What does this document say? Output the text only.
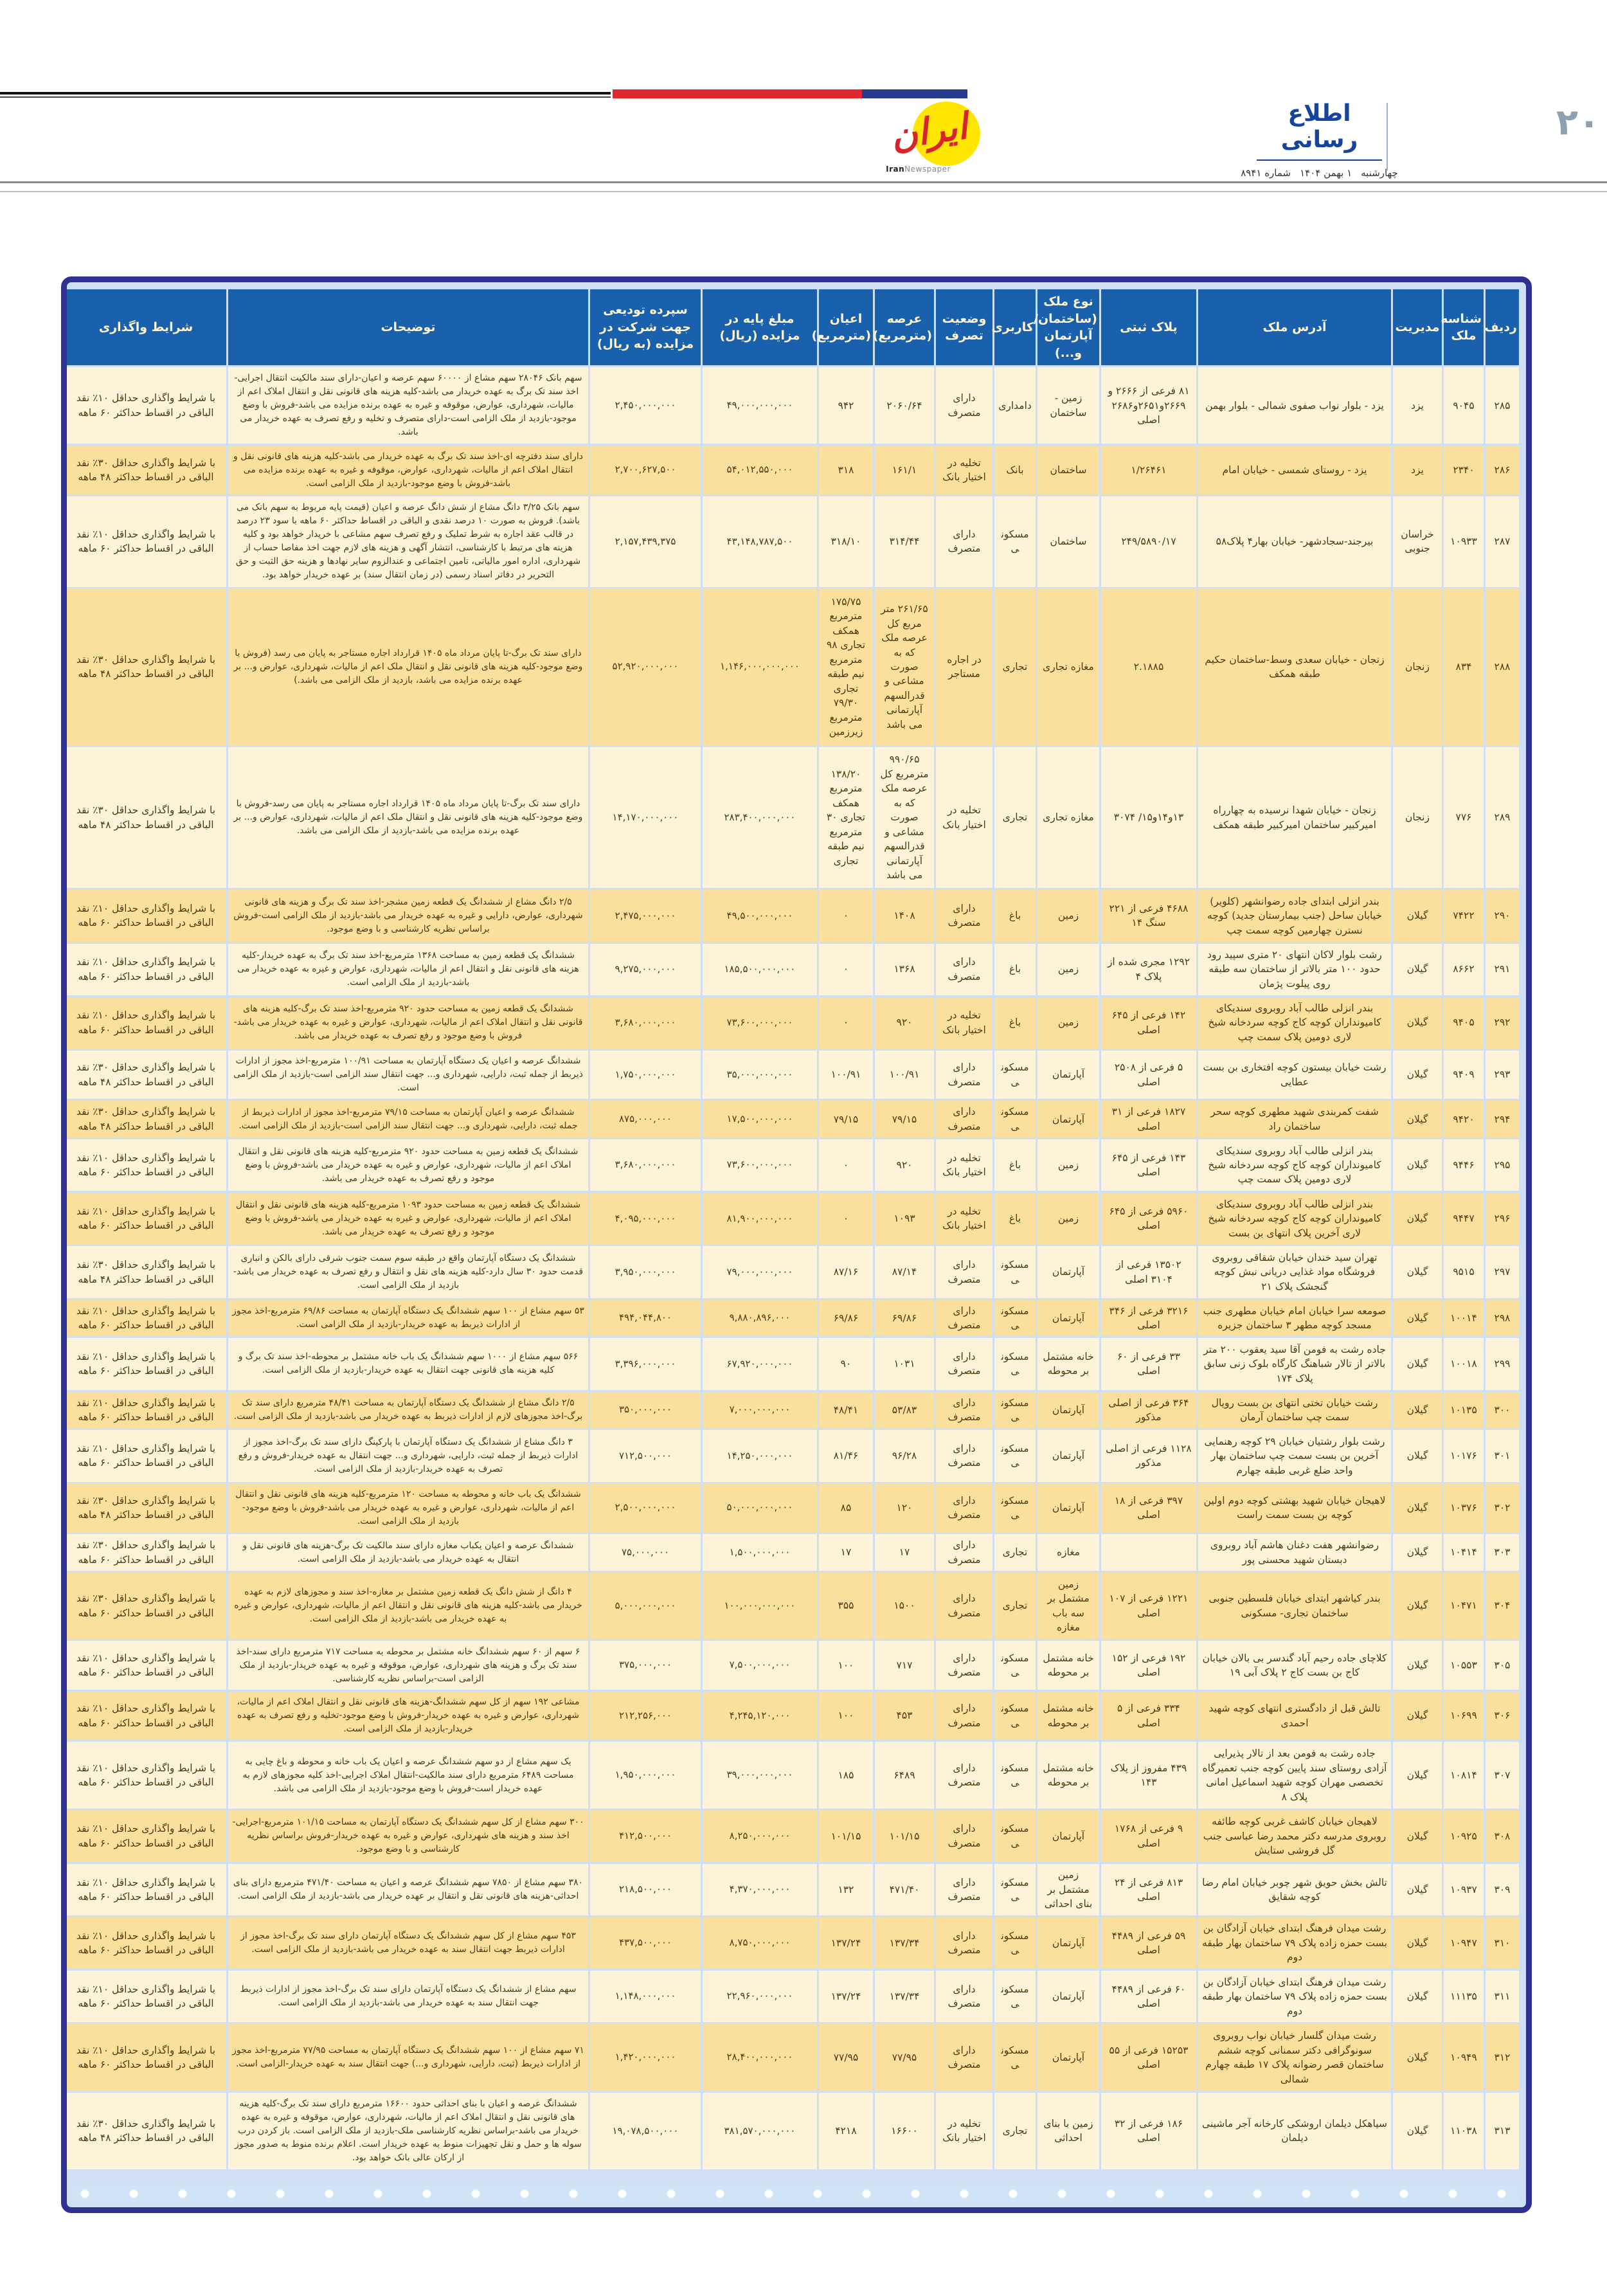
۲۰
اطلاع رسانی
چهارشنبه
۱ بهمن ۱۴۰۴
شماره ۸۹۴۱
ایران
IranNewspaper
ردیف	شناسه ملک	مدیریت	آدرس ملک	پلاک ثبتی	نوع ملک (ساختمان/ آپارتمان و...)	کاربری	وضعیت تصرف	عرصه (مترمربع)	اعیان (مترمربع)	مبلغ پایه در مزایده (ریال)	سپرده تودیعی جهت شرکت در مزایده (به ریال)	توضیحات	شرایط واگذاری
۲۸۵	۹۰۴۵	یزد	یزد - بلوار نواب صفوی شمالی - بلوار بهمن	۸۱ فرعی از ۲۶۶۶ و ۲۶۶۹و۲۶۵۱و۲۶۸۶ اصلی	زمین - ساختمان	دامداری	دارای متصرف	۲۰۶۰/۶۴	۹۴۲	۴۹,۰۰۰,۰۰۰,۰۰۰	۲,۴۵۰,۰۰۰,۰۰۰	سهم بانک ۲۸۰۴۶ سهم مشاع از ۶۰۰۰۰ سهم عرصه و اعیان-دارای سند مالکیت انتقال اجرایی-اخذ سند تک برگ به عهده خریدار می باشد-کلیه هزینه های قانونی نقل و انتقال املاک اعم از مالیات، شهرداری، عوارض، موقوفه و غیره به عهده برنده مزایده می باشد-فروش با وضع موجود-بازدید از ملک الزامی است-دارای متصرف و تخلیه و رفع تصرف به عهده خریدار می باشد.	با شرایط واگذاری حداقل ۱۰٪ نقد الباقی در اقساط حداکثر ۶۰ ماهه
۲۸۶	۲۳۴۰	یزد	یزد - روستای شمسی - خیابان امام	۱/۲۶۴۶۱	ساختمان	بانک	تخلیه در اختیار بانک	۱۶۱/۱	۳۱۸	۵۴,۰۱۲,۵۵۰,۰۰۰	۲,۷۰۰,۶۲۷,۵۰۰	دارای سند دفترچه ای-اخذ سند تک برگ به عهده خریدار می باشد-کلیه هزینه های قانونی نقل و انتقال املاک اعم از مالیات، شهرداری، عوارض، موقوفه و غیره به عهده برنده مزایده می باشد-فروش با وضع موجود-بازدید از ملک الزامی است.	با شرایط واگذاری حداقل ۳۰٪ نقد الباقی در اقساط حداکثر ۴۸ ماهه
۲۸۷	۱۰۹۳۳	خراسان جنوبی	بیرجند-سجادشهر- خیابان بهار۴ پلاک۵۸	۲۴۹/۵۸۹۰/۱۷	ساختمان	مسکونی	دارای متصرف	۳۱۴/۴۴	۳۱۸/۱۰	۴۳,۱۴۸,۷۸۷,۵۰۰	۲,۱۵۷,۴۳۹,۳۷۵	سهم بانک ۳/۲۵ دانگ مشاع از شش دانگ عرصه و اعیان (قیمت پایه مربوط به سهم بانک می باشد). فروش به صورت ۱۰ درصد نقدی و الباقی در اقساط حداکثر ۶۰ ماهه با سود ۲۳ درصد در قالب عقد اجاره به شرط تملیک و رفع تصرف سهم مشاعی با خریدار خواهد بود و کلیه هزینه های مرتبط با کارشناسی، انتشار آگهی و هزینه های لازم جهت اخذ مفاصا حساب از شهرداری، اداره امور مالیاتی، تامین اجتماعی و عندالزوم سایر نهادها و هزینه حق الثبت و حق التحریر در دفاتر اسناد رسمی (در زمان انتقال سند) بر عهده خریدار خواهد بود.	با شرایط واگذاری حداقل ۱۰٪ نقد الباقی در اقساط حداکثر ۶۰ ماهه
۲۸۸	۸۳۴	زنجان	زنجان - خیابان سعدی وسط-ساختمان حکیم طبقه همکف	۲.۱۸۸۵	مغازه تجاری	تجاری	در اجاره مستاجر	۲۶۱/۶۵ متر مربع کل عرصه ملک که به صورت مشاعی و قدرالسهم آپارتمانی می باشد	۱۷۵/۷۵ مترمربع همکف تجاری ۹۸ مترمربع نیم طبقه تجاری ۷۹/۳۰ مترمربع زیرزمین	۱,۱۴۶,۰۰۰,۰۰۰,۰۰۰	۵۲,۹۲۰,۰۰۰,۰۰۰	دارای سند تک برگ-تا پایان مرداد ماه ۱۴۰۵ قرارداد اجاره مستاجر به پایان می رسد (فروش با وضع موجود-کلیه هزینه های قانونی نقل و انتقال ملک اعم از مالیات، شهرداری، عوارض و... بر عهده برنده مزایده می باشد، بازدید از ملک الزامی می باشد.)	با شرایط واگذاری حداقل ۳۰٪ نقد الباقی در اقساط حداکثر ۴۸ ماهه
۲۸۹	۷۷۶	زنجان	زنجان - خیابان شهدا نرسیده به چهارراه امیرکبیر ساختمان امیرکبیر طبقه همکف	۱۳و۱۴و۱۵/ ۳۰۷۴	مغازه تجاری	تجاری	تخلیه در اختیار بانک	۹۹۰/۶۵ مترمربع کل عرصه ملک که به صورت مشاعی و قدرالسهم آپارتمانی می باشد	۱۳۸/۲۰ مترمربع همکف تجاری ۳۰ مترمربع نیم طبقه تجاری	۲۸۳,۴۰۰,۰۰۰,۰۰۰	۱۴,۱۷۰,۰۰۰,۰۰۰	دارای سند تک برگ-تا پایان مرداد ماه ۱۴۰۵ قرارداد اجاره مستاجر به پایان می رسد-فروش با وضع موجود-کلیه هزینه های قانونی نقل و انتقال ملک اعم از مالیات، شهرداری، عوارض و... بر عهده برنده مزایده می باشد-بازدید از ملک الزامی می باشد.	با شرایط واگذاری حداقل ۳۰٪ نقد الباقی در اقساط حداکثر ۴۸ ماهه
۲۹۰	۷۴۲۲	گیلان	بندر انزلی ابتدای جاده رضوانشهر (کلویر) خیابان ساحل (جنب بیمارستان جدید) کوچه نسترن چهارمین کوچه سمت چپ	۴۶۸۸ فرعی از ۲۲۱ سنگ ۱۴	زمین	باغ	دارای متصرف	۱۴۰۸	۰	۴۹,۵۰۰,۰۰۰,۰۰۰	۲,۴۷۵,۰۰۰,۰۰۰	۲/۵ دانگ مشاع از ششدانگ یک قطعه زمین مشجر-اخذ سند تک برگ و هزینه های قانونی شهرداری، عوارض، دارایی و غیره به عهده خریدار می باشد-بازدید از ملک الزامی است-فروش براساس نظریه کارشناسی و با وضع موجود.	با شرایط واگذاری حداقل ۱۰٪ نقد الباقی در اقساط حداکثر ۶۰ ماهه
۲۹۱	۸۶۶۲	گیلان	رشت بلوار لاکان انتهای ۲۰ متری سپید رود حدود ۱۰۰ متر بالاتر از ساختمان سه طبقه روی پیلوت پژمان	۱۲۹۲ مجری شده از پلاک ۴	زمین	باغ	دارای متصرف	۱۳۶۸	۰	۱۸۵,۵۰۰,۰۰۰,۰۰۰	۹,۲۷۵,۰۰۰,۰۰۰	ششدانگ یک قطعه زمین به مساحت ۱۳۶۸ مترمربع-اخذ سند تک برگ به عهده خریدار-کلیه هزینه های قانونی نقل و انتقال اعم از مالیات، شهرداری، عوارض و غیره به عهده خریدار می باشد-بازدید از ملک الزامی است.	با شرایط واگذاری حداقل ۱۰٪ نقد الباقی در اقساط حداکثر ۶۰ ماهه
۲۹۲	۹۴۰۵	گیلان	بندر انزلی طالب آباد روبروی سندیکای کامیونداران کوچه کاج کوچه سردخانه شیخ لاری دومین پلاک سمت چپ	۱۴۲ فرعی از ۶۴۵ اصلی	زمین	باغ	تخلیه در اختیار بانک	۹۲۰	۰	۷۳,۶۰۰,۰۰۰,۰۰۰	۳,۶۸۰,۰۰۰,۰۰۰	ششدانگ یک قطعه زمین به مساحت حدود ۹۲۰ مترمربع-اخذ سند تک برگ-کلیه هزینه های قانونی نقل و انتقال املاک اعم از مالیات، شهرداری، عوارض و غیره به عهده خریدار می باشد-فروش با وضع موجود و رفع تصرف به عهده خریدار می باشد.	با شرایط واگذاری حداقل ۱۰٪ نقد الباقی در اقساط حداکثر ۶۰ ماهه
۲۹۳	۹۴۰۹	گیلان	رشت خیابان بیستون کوچه افتخاری بن بست عطایی	۵ فرعی از ۲۵۰۸ اصلی	آپارتمان	مسکونی	دارای متصرف	۱۰۰/۹۱	۱۰۰/۹۱	۳۵,۰۰۰,۰۰۰,۰۰۰	۱,۷۵۰,۰۰۰,۰۰۰	ششدانگ عرصه و اعیان یک دستگاه آپارتمان به مساحت ۱۰۰/۹۱ مترمربع-اخذ مجوز از ادارات ذیربط از جمله ثبت، دارایی، شهرداری و... جهت انتقال سند الزامی است-بازدید از ملک الزامی است.	با شرایط واگذاری حداقل ۳۰٪ نقد الباقی در اقساط حداکثر ۴۸ ماهه
۲۹۴	۹۴۲۰	گیلان	شفت کمربندی شهید مطهری کوچه سحر ساختمان راد	۱۸۲۷ فرعی از ۳۱ اصلی	آپارتمان	مسکونی	دارای متصرف	۷۹/۱۵	۷۹/۱۵	۱۷,۵۰۰,۰۰۰,۰۰۰	۸۷۵,۰۰۰,۰۰۰	ششدانگ عرصه و اعیان آپارتمان به مساحت ۷۹/۱۵ مترمربع-اخذ مجوز از ادارات ذیربط از جمله ثبت، دارایی، شهرداری و... جهت انتقال سند الزامی است-بازدید از ملک الزامی است.	با شرایط واگذاری حداقل ۳۰٪ نقد الباقی در اقساط حداکثر ۴۸ ماهه
۲۹۵	۹۴۴۶	گیلان	بندر انزلی طالب آباد روبروی سندیکای کامیونداران کوچه کاج کوچه سردخانه شیخ لاری دومین پلاک سمت چپ	۱۴۳ فرعی از ۶۴۵ اصلی	زمین	باغ	تخلیه در اختیار بانک	۹۲۰	۰	۷۳,۶۰۰,۰۰۰,۰۰۰	۳,۶۸۰,۰۰۰,۰۰۰	ششدانگ یک قطعه زمین به مساحت حدود ۹۲۰ مترمربع-کلیه هزینه های قانونی نقل و انتقال املاک اعم از مالیات، شهرداری، عوارض و غیره به عهده خریدار می باشد-فروش با وضع موجود و رفع تصرف به عهده خریدار می باشد.	با شرایط واگذاری حداقل ۱۰٪ نقد الباقی در اقساط حداکثر ۶۰ ماهه
۲۹۶	۹۴۴۷	گیلان	بندر انزلی طالب آباد روبروی سندیکای کامیونداران کوچه کاج کوچه سردخانه شیخ لاری آخرین پلاک انتهای بن بست	۵۹۶۰ فرعی از ۶۴۵ اصلی	زمین	باغ	تخلیه در اختیار بانک	۱۰۹۳	۰	۸۱,۹۰۰,۰۰۰,۰۰۰	۴,۰۹۵,۰۰۰,۰۰۰	ششدانگ یک قطعه زمین به مساحت حدود ۱۰۹۳ مترمربع-کلیه هزینه های قانونی نقل و انتقال املاک اعم از مالیات، شهرداری، عوارض و غیره به عهده خریدار می باشد-فروش با وضع موجود و رفع تصرف به عهده خریدار می باشد.	با شرایط واگذاری حداقل ۱۰٪ نقد الباقی در اقساط حداکثر ۶۰ ماهه
۲۹۷	۹۵۱۵	گیلان	تهران سید خندان خیابان شقاقی روبروی فروشگاه مواد غذایی دریانی نبش کوچه گنجشک پلاک ۲۱	۱۳۵۰۲ فرعی از ۳۱۰۴ اصلی	آپارتمان	مسکونی	دارای متصرف	۸۷/۱۴	۸۷/۱۶	۷۹,۰۰۰,۰۰۰,۰۰۰	۳,۹۵۰,۰۰۰,۰۰۰	ششدانگ یک دستگاه آپارتمان واقع در طبقه سوم سمت جنوب شرقی دارای بالکن و انباری قدمت حدود ۳۰ سال دارد-کلیه هزینه های نقل و انتقال و رفع تصرف به عهده خریدار می باشد-بازدید از ملک الزامی است.	با شرایط واگذاری حداقل ۳۰٪ نقد الباقی در اقساط حداکثر ۴۸ ماهه
۲۹۸	۱۰۰۱۴	گیلان	صومعه سرا خیابان امام خیابان مطهری جنب مسجد کوچه مطهر ۳ ساختمان جزیره	۳۲۱۶ فرعی از ۳۴۶ اصلی	آپارتمان	مسکونی	دارای متصرف	۶۹/۸۶	۶۹/۸۶	۹,۸۸۰,۸۹۶,۰۰۰	۴۹۴,۰۴۴,۸۰۰	۵۳ سهم مشاع از ۱۰۰ سهم ششدانگ یک دستگاه آپارتمان به مساحت ۶۹/۸۶ مترمربع-اخذ مجوز از ادارات ذیربط به عهده خریدار-بازدید از ملک الزامی است.	با شرایط واگذاری حداقل ۱۰٪ نقد الباقی در اقساط حداکثر ۶۰ ماهه
۲۹۹	۱۰۰۱۸	گیلان	جاده رشت به فومن آقا سید یعقوب ۲۰۰ متر بالاتر از تالار شباهنگ کارگاه بلوک زنی سابق پلاک ۱۷۴	۳۳ فرعی از ۶۰ اصلی	خانه مشتمل بر محوطه	مسکونی	دارای متصرف	۱۰۳۱	۹۰	۶۷,۹۲۰,۰۰۰,۰۰۰	۳,۳۹۶,۰۰۰,۰۰۰	۵۶۶ سهم مشاع از ۱۰۰۰ سهم ششدانگ یک باب خانه مشتمل بر محوطه-اخذ سند تک برگ و کلیه هزینه های قانونی جهت انتقال به عهده خریدار-بازدید از ملک الزامی است.	با شرایط واگذاری حداقل ۱۰٪ نقد الباقی در اقساط حداکثر ۶۰ ماهه
۳۰۰	۱۰۱۳۵	گیلان	رشت خیابان تختی انتهای بن بست رویال سمت چپ ساختمان آرمان	۳۶۴ فرعی از اصلی مذکور	آپارتمان	مسکونی	دارای متصرف	۵۳/۸۳	۴۸/۴۱	۷,۰۰۰,۰۰۰,۰۰۰	۳۵۰,۰۰۰,۰۰۰	۲/۵ دانگ مشاع از ششدانگ یک دستگاه آپارتمان به مساحت ۴۸/۴۱ مترمربع دارای سند تک برگ-اخذ مجوزهای لازم از ادارات ذیربط به عهده خریدار می باشد-بازدید از ملک الزامی است.	با شرایط واگذاری حداقل ۱۰٪ نقد الباقی در اقساط حداکثر ۶۰ ماهه
۳۰۱	۱۰۱۷۶	گیلان	رشت بلوار رشتیان خیابان ۲۹ کوچه رهنمایی آخرین بن بست سمت چپ ساختمان بهار واحد ضلع غربی طبقه چهارم	۱۱۲۸ فرعی از اصلی مذکور	آپارتمان	مسکونی	دارای متصرف	۹۶/۲۸	۸۱/۴۶	۱۴,۲۵۰,۰۰۰,۰۰۰	۷۱۲,۵۰۰,۰۰۰	۳ دانگ مشاع از ششدانگ یک دستگاه آپارتمان با پارکینگ دارای سند تک برگ-اخذ مجوز از ادارات ذیربط از جمله ثبت، دارایی، شهرداری و... جهت انتقال به عهده خریدار-فروش و رفع تصرف به عهده خریدار-بازدید از ملک الزامی است.	با شرایط واگذاری حداقل ۱۰٪ نقد الباقی در اقساط حداکثر ۶۰ ماهه
۳۰۲	۱۰۳۷۶	گیلان	لاهیجان خیابان شهید بهشتی کوچه دوم اولین کوچه بن بست سمت راست	۳۹۷ فرعی از ۱۸ اصلی	آپارتمان	مسکونی	دارای متصرف	۱۲۰	۸۵	۵۰,۰۰۰,۰۰۰,۰۰۰	۲,۵۰۰,۰۰۰,۰۰۰	ششدانگ یک باب خانه و محوطه به مساحت ۱۲۰ مترمربع-کلیه هزینه های قانونی نقل و انتقال اعم از مالیات، شهرداری، عوارض و غیره به عهده خریدار می باشد-فروش با وضع موجود-بازدید از ملک الزامی است.	با شرایط واگذاری حداقل ۳۰٪ نقد الباقی در اقساط حداکثر ۴۸ ماهه
۳۰۳	۱۰۴۱۴	گیلان	رضوانشهر هفت دغنان هاشم آباد روبروی دبستان شهید محسنی پور		مغازه	تجاری	دارای متصرف	۱۷	۱۷	۱,۵۰۰,۰۰۰,۰۰۰	۷۵,۰۰۰,۰۰۰	ششدانگ عرصه و اعیان یکباب مغازه دارای سند مالکیت تک برگ-هزینه های قانونی نقل و انتقال به عهده خریدار می باشد-بازدید از ملک الزامی است.	با شرایط واگذاری حداقل ۳۰٪ نقد الباقی در اقساط حداکثر ۶۰ ماهه
۳۰۴	۱۰۴۷۱	گیلان	بندر کیاشهر ابتدای خیابان فلسطین جنوبی ساختمان تجاری- مسکونی	۱۲۲۱ فرعی از ۱۰۷ اصلی	زمین مشتمل بر سه باب مغازه	تجاری	دارای متصرف	۱۵۰۰	۳۵۵	۱۰۰,۰۰۰,۰۰۰,۰۰۰	۵,۰۰۰,۰۰۰,۰۰۰	۴ دانگ از شش دانگ یک قطعه زمین مشتمل بر مغازه-اخذ سند و مجوزهای لازم به عهده خریدار می باشد-کلیه هزینه های قانونی نقل و انتقال اعم از مالیات، شهرداری، عوارض و غیره به عهده خریدار می باشد-بازدید از ملک الزامی است.	با شرایط واگذاری حداقل ۳۰٪ نقد الباقی در اقساط حداکثر ۶۰ ماهه
۳۰۵	۱۰۵۵۳	گیلان	کلاچای جاده رحیم آباد گندسر بی بالان خیابان کاج بن بست کاج ۲ پلاک آبی ۱۹	۱۹۲ فرعی از ۱۵۲ اصلی	خانه مشتمل بر محوطه	مسکونی	دارای متصرف	۷۱۷	۱۰۰	۷,۵۰۰,۰۰۰,۰۰۰	۳۷۵,۰۰۰,۰۰۰	۶ سهم از ۶۰ سهم ششدانگ خانه مشتمل بر محوطه به مساحت ۷۱۷ مترمربع دارای سند-اخذ سند تک برگ و هزینه های شهرداری، عوارض، موقوفه و غیره به عهده خریدار-بازدید از ملک الزامی است-براساس نظریه کارشناسی.	با شرایط واگذاری حداقل ۱۰٪ نقد الباقی در اقساط حداکثر ۶۰ ماهه
۳۰۶	۱۰۶۹۹	گیلان	تالش قبل از دادگستری انتهای کوچه شهید احمدی	۳۳۴ فرعی از ۵ اصلی	خانه مشتمل بر محوطه	مسکونی	دارای متصرف	۴۵۳	۱۰۰	۴,۲۴۵,۱۲۰,۰۰۰	۲۱۲,۲۵۶,۰۰۰	مشاعی ۱۹۲ سهم از کل سهم ششدانگ-هزینه های قانونی نقل و انتقال املاک اعم از مالیات، شهرداری، عوارض و غیره به عهده خریدار-فروش با وضع موجود-تخلیه و رفع تصرف به عهده خریدار-بازدید از ملک الزامی است.	با شرایط واگذاری حداقل ۱۰٪ نقد الباقی در اقساط حداکثر ۶۰ ماهه
۳۰۷	۱۰۸۱۴	گیلان	جاده رشت به فومن بعد از تالار پذیرایی آزادی روستای سند پایین کوچه جنب تعمیرگاه تخصصی مهران کوچه شهید اسماعیل امانی پلاک ۸	۴۳۹ مفروز از پلاک ۱۴۳	خانه مشتمل بر محوطه	مسکونی	دارای متصرف	۶۴۸۹	۱۸۵	۳۹,۰۰۰,۰۰۰,۰۰۰	۱,۹۵۰,۰۰۰,۰۰۰	یک سهم مشاع از دو سهم ششدانگ عرصه و اعیان یک باب خانه و محوطه و باغ چایی به مساحت ۶۴۸۹ مترمربع دارای سند مالکیت-انتقال املاک اجرایی-اخذ کلیه مجوزهای لازم به عهده خریدار است-فروش با وضع موجود-بازدید از ملک الزامی می باشد.	با شرایط واگذاری حداقل ۱۰٪ نقد الباقی در اقساط حداکثر ۶۰ ماهه
۳۰۸	۱۰۹۲۵	گیلان	لاهیجان خیابان کاشف غربی کوچه طائفه روبروی مدرسه دکتر محمد رضا عباسی جنب گل فروشی ستایش	۹ فرعی از ۱۷۶۸ اصلی	آپارتمان	مسکونی	دارای متصرف	۱۰۱/۱۵	۱۰۱/۱۵	۸,۲۵۰,۰۰۰,۰۰۰	۴۱۲,۵۰۰,۰۰۰	۳۰۰ سهم مشاع از کل سهم ششدانگ یک دستگاه آپارتمان به مساحت ۱۰۱/۱۵ مترمربع-اجرایی-اخذ سند و هزینه های شهرداری، عوارض و غیره به عهده خریدار-فروش براساس نظریه کارشناسی و با وضع موجود.	با شرایط واگذاری حداقل ۱۰٪ نقد الباقی در اقساط حداکثر ۶۰ ماهه
۳۰۹	۱۰۹۳۷	گیلان	تالش بخش حویق شهر چوبر خیابان امام رضا کوچه شقایق	۸۱۳ فرعی از ۲۴ اصلی	زمین مشتمل بر بنای احداثی	مسکونی	دارای متصرف	۴۷۱/۴۰	۱۳۲	۴,۳۷۰,۰۰۰,۰۰۰	۲۱۸,۵۰۰,۰۰۰	۳۸۰ سهم مشاع از ۷۸۵۰ سهم ششدانگ عرصه و اعیان به مساحت ۴۷۱/۴۰ مترمربع دارای بنای احداثی-هزینه های قانونی نقل و انتقال بر عهده خریدار می باشد-بازدید از ملک الزامی است.	با شرایط واگذاری حداقل ۱۰٪ نقد الباقی در اقساط حداکثر ۶۰ ماهه
۳۱۰	۱۰۹۴۷	گیلان	رشت میدان فرهنگ ابتدای خیابان آزادگان بن بست حمزه زاده پلاک ۷۹ ساختمان بهار طبقه دوم	۵۹ فرعی از ۴۴۸۹ اصلی	آپارتمان	مسکونی	دارای متصرف	۱۳۷/۳۴	۱۳۷/۲۴	۸,۷۵۰,۰۰۰,۰۰۰	۴۳۷,۵۰۰,۰۰۰	۴۵۳ سهم مشاع از کل سهم ششدانگ یک دستگاه آپارتمان دارای سند تک برگ-اخذ مجوز از ادارات ذیربط جهت انتقال سند به عهده خریدار می باشد-بازدید از ملک الزامی است.	با شرایط واگذاری حداقل ۱۰٪ نقد الباقی در اقساط حداکثر ۶۰ ماهه
۳۱۱	۱۱۱۳۵	گیلان	رشت میدان فرهنگ ابتدای خیابان آزادگان بن بست حمزه زاده پلاک ۷۹ ساختمان بهار طبقه دوم	۶۰ فرعی از ۴۴۸۹ اصلی	آپارتمان	مسکونی	دارای متصرف	۱۳۷/۳۴	۱۳۷/۲۴	۲۲,۹۶۰,۰۰۰,۰۰۰	۱,۱۴۸,۰۰۰,۰۰۰	سهم مشاع از ششدانگ یک دستگاه آپارتمان دارای سند تک برگ-اخذ مجوز از ادارات ذیربط جهت انتقال سند به عهده خریدار می باشد-بازدید از ملک الزامی است.	با شرایط واگذاری حداقل ۱۰٪ نقد الباقی در اقساط حداکثر ۶۰ ماهه
۳۱۲	۱۰۹۴۹	گیلان	رشت میدان گلسار خیابان نواب روبروی سونوگرافی دکتر سمنانی کوچه ششم ساختمان قصر رضوانه پلاک ۱۷ طبقه چهارم شمالی	۱۵۲۵۳ فرعی از ۵۵ اصلی	آپارتمان	مسکونی	دارای متصرف	۷۷/۹۵	۷۷/۹۵	۲۸,۴۰۰,۰۰۰,۰۰۰	۱,۴۲۰,۰۰۰,۰۰۰	۷۱ سهم مشاع از ۱۰۰ سهم ششدانگ یک دستگاه آپارتمان به مساحت ۷۷/۹۵ مترمربع-اخذ مجوز از ادارات ذیربط (ثبت، دارایی، شهرداری و...) جهت انتقال سند به عهده خریدار-الزامی است.	با شرایط واگذاری حداقل ۱۰٪ نقد الباقی در اقساط حداکثر ۶۰ ماهه
۳۱۳	۱۱۰۳۸	گیلان	سیاهکل دیلمان اروشکی کارخانه آجر ماشینی دیلمان	۱۸۶ فرعی از ۳۲ اصلی	زمین با بنای احداثی	تجاری	تخلیه در اختیار بانک	۱۶۶۰۰	۴۲۱۸	۳۸۱,۵۷۰,۰۰۰,۰۰۰	۱۹,۰۷۸,۵۰۰,۰۰۰	ششدانگ عرصه و اعیان با بنای احداثی حدود ۱۶۶۰۰ مترمربع دارای سند تک برگ-کلیه هزینه های قانونی نقل و انتقال املاک اعم از مالیات، شهرداری، عوارض، موقوفه و غیره به عهده خریدار می باشد-براساس نظریه کارشناسی ملک-بازدید از ملک الزامی است. باز کردن درب سوله ها و حمل و نقل تجهیزات منوط به عهده خریدار است. اعلام برنده منوط به صدور مجوز از ارکان عالی بانک خواهد بود.	با شرایط واگذاری حداقل ۳۰٪ نقد الباقی در اقساط حداکثر ۴۸ ماهه
